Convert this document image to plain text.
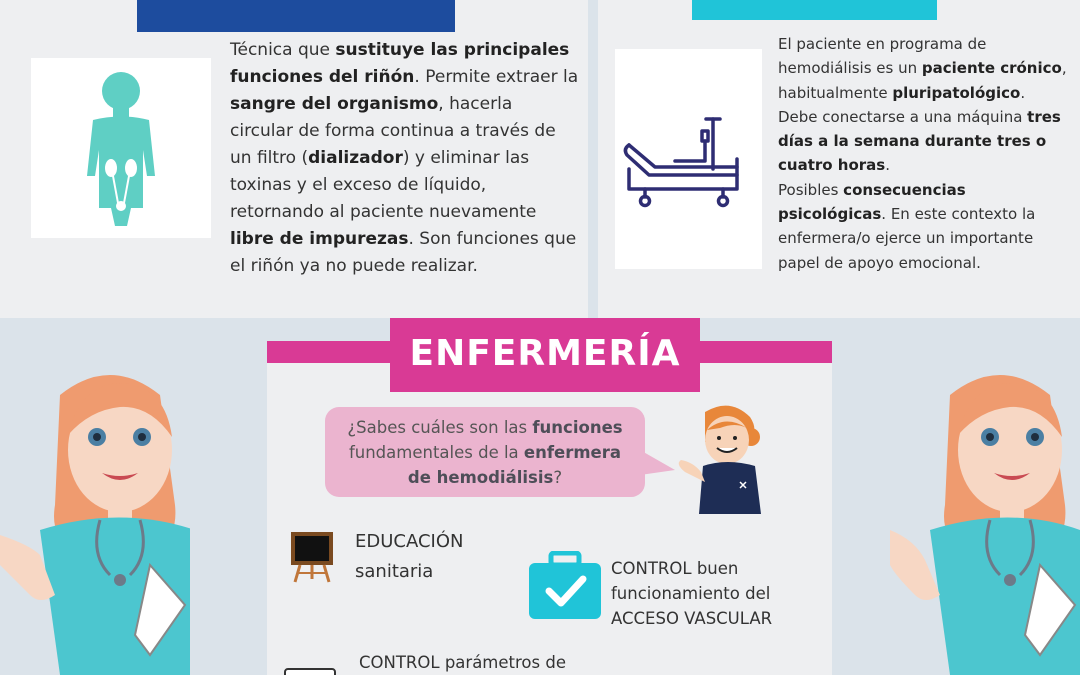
Técnica que sustituye las principales funciones del riñón. Permite extraer la sangre del organismo, hacerla circular de forma continua a través de un filtro (dializador) y eliminar las toxinas y el exceso de líquido, retornando al paciente nuevamente libre de impurezas. Son funciones que el riñón ya no puede realizar.
El paciente en programa de hemodiálisis es un paciente crónico, habitualmente pluripatológico. Debe conectarse a una máquina tres días a la semana durante tres o cuatro horas.
Posibles consecuencias psicológicas. En este contexto la enfermera/o ejerce un importante papel de apoyo emocional.
ENFERMERÍA
¿Sabes cuáles son las funciones fundamentales de la enfermera de hemodiálisis?
EDUCACIÓN
sanitaria	CONTROL buen
funcionamiento del
ACCESO VASCULAR
CONTROL parámetros de
